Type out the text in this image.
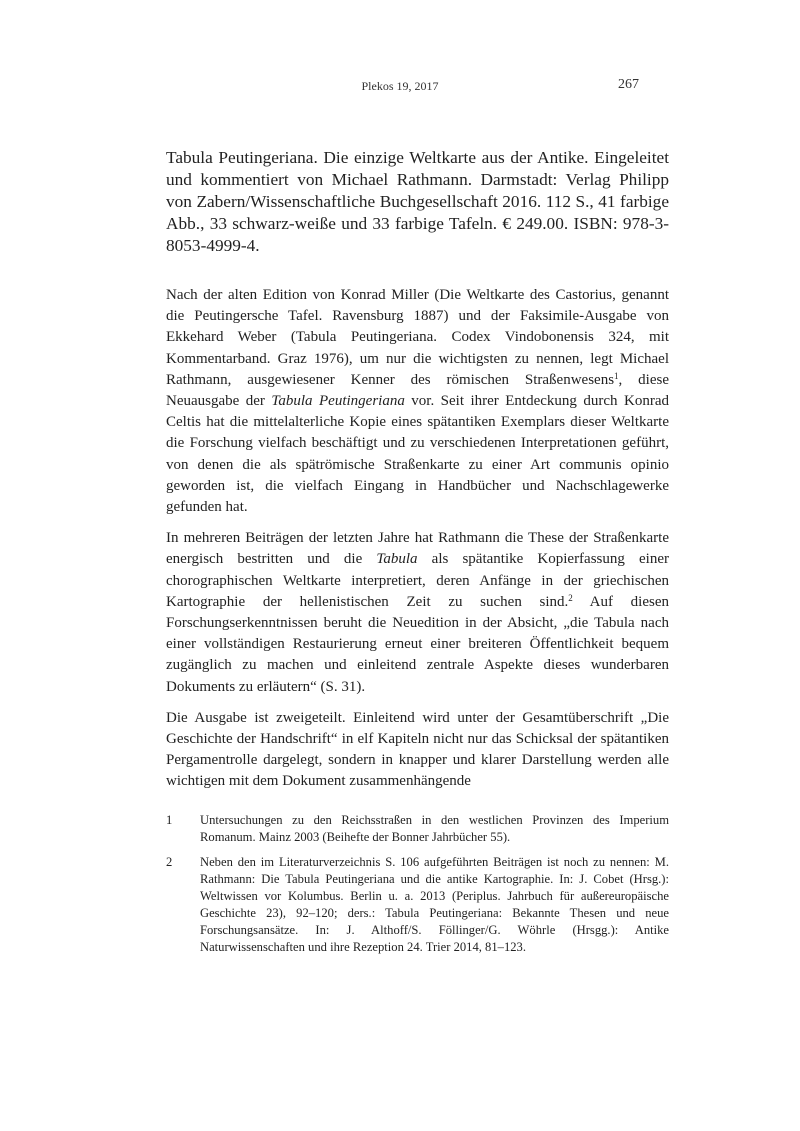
Plekos 19, 2017	267

Tabula Peutingeriana. Die einzige Weltkarte aus der Antike. Eingeleitet und kommentiert von Michael Rathmann. Darmstadt: Verlag Philipp von Zabern/Wissenschaftliche Buchgesellschaft 2016. 112 S., 41 farbige Abb., 33 schwarz-weiße und 33 farbige Tafeln. € 249.00. ISBN: 978-3-8053-4999-4.

Nach der alten Edition von Konrad Miller (Die Weltkarte des Castorius, genannt die Peutingersche Tafel. Ravensburg 1887) und der Faksimile-Ausgabe von Ekkehard Weber (Tabula Peutingeriana. Codex Vindobonensis 324, mit Kommentarband. Graz 1976), um nur die wichtigsten zu nennen, legt Michael Rathmann, ausgewiesener Kenner des römischen Straßenwesens$^1$, diese Neuausgabe der Tabula Peutingeriana vor. Seit ihrer Entdeckung durch Konrad Celtis hat die mittelalterliche Kopie eines spätantiken Exemplars dieser Weltkarte die Forschung vielfach beschäftigt und zu verschiedenen Interpretationen geführt, von denen die als spätrömische Straßenkarte zu einer Art communis opinio geworden ist, die vielfach Eingang in Handbücher und Nachschlagewerke gefunden hat.

In mehreren Beiträgen der letzten Jahre hat Rathmann die These der Straßenkarte energisch bestritten und die Tabula als spätantike Kopierfassung einer chorographischen Weltkarte interpretiert, deren Anfänge in der griechischen Kartographie der hellenistischen Zeit zu suchen sind.$^2$ Auf diesen Forschungserkenntnissen beruht die Neuedition in der Absicht, „die Tabula nach einer vollständigen Restaurierung erneut einer breiteren Öffentlichkeit bequem zugänglich zu machen und einleitend zentrale Aspekte dieses wunderbaren Dokuments zu erläutern“ (S. 31).

Die Ausgabe ist zweigeteilt. Einleitend wird unter der Gesamtüberschrift „Die Geschichte der Handschrift“ in elf Kapiteln nicht nur das Schicksal der spätantiken Pergamentrolle dargelegt, sondern in knapper und klarer Darstellung werden alle wichtigen mit dem Dokument zusammenhängende

1	Untersuchungen zu den Reichsstraßen in den westlichen Provinzen des Imperium Romanum. Mainz 2003 (Beihefte der Bonner Jahrbücher 55).
2	Neben den im Literaturverzeichnis S. 106 aufgeführten Beiträgen ist noch zu nennen: M. Rathmann: Die Tabula Peutingeriana und die antike Kartographie. In: J. Cobet (Hrsg.): Weltwissen vor Kolumbus. Berlin u. a. 2013 (Periplus. Jahrbuch für außereuropäische Geschichte 23), 92–120; ders.: Tabula Peutingeriana: Bekannte Thesen und neue Forschungsansätze. In: J. Althoff/S. Föllinger/G. Wöhrle (Hrsgg.): Antike Naturwissenschaften und ihre Rezeption 24. Trier 2014, 81–123.
